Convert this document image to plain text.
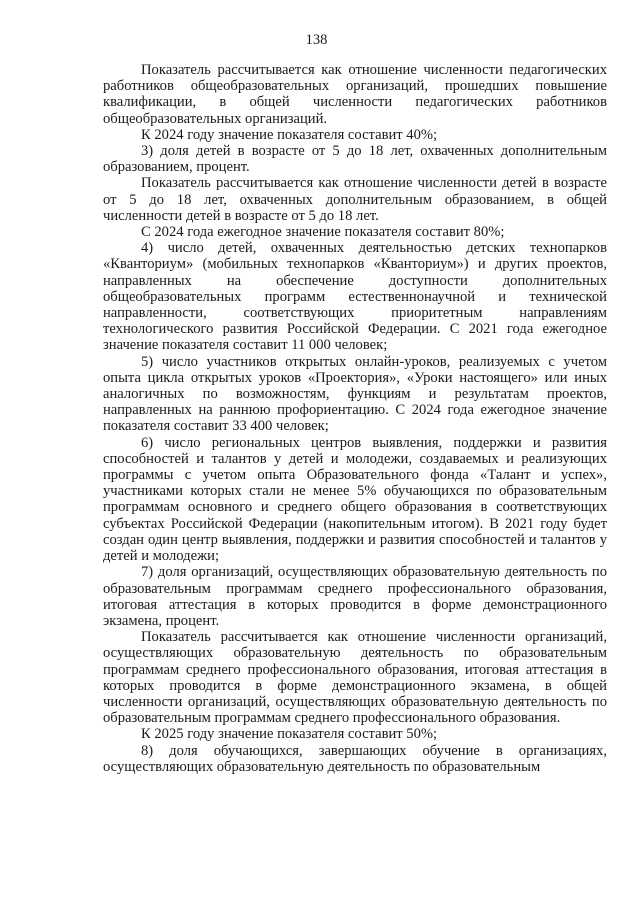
138

Показатель рассчитывается как отношение численности педагогических работников общеобразовательных организаций, прошедших повышение квалификации, в общей численности педагогических работников общеобразовательных организаций.

К 2024 году значение показателя составит 40%;

3) доля детей в возрасте от 5 до 18 лет, охваченных дополнительным образованием, процент.

Показатель рассчитывается как отношение численности детей в возрасте от 5 до 18 лет, охваченных дополнительным образованием, в общей численности детей в возрасте от 5 до 18 лет.

С 2024 года ежегодное значение показателя составит 80%;

4) число детей, охваченных деятельностью детских технопарков «Кванториум» (мобильных технопарков «Кванториум») и других проектов, направленных на обеспечение доступности дополнительных общеобразовательных программ естественнонаучной и технической направленности, соответствующих приоритетным направлениям технологического развития Российской Федерации. С 2021 года ежегодное значение показателя составит 11 000 человек;

5) число участников открытых онлайн-уроков, реализуемых с учетом опыта цикла открытых уроков «Проектория», «Уроки настоящего» или иных аналогичных по возможностям, функциям и результатам проектов, направленных на раннюю профориентацию. С 2024 года ежегодное значение показателя составит 33 400 человек;

6) число региональных центров выявления, поддержки и развития способностей и талантов у детей и молодежи, создаваемых и реализующих программы с учетом опыта Образовательного фонда «Талант и успех», участниками которых стали не менее 5% обучающихся по образовательным программам основного и среднего общего образования в соответствующих субъектах Российской Федерации (накопительным итогом). В 2021 году будет создан один центр выявления, поддержки и развития способностей и талантов у детей и молодежи;

7) доля организаций, осуществляющих образовательную деятельность по образовательным программам среднего профессионального образования, итоговая аттестация в которых проводится в форме демонстрационного экзамена, процент.

Показатель рассчитывается как отношение численности организаций, осуществляющих образовательную деятельность по образовательным программам среднего профессионального образования, итоговая аттестация в которых проводится в форме демонстрационного экзамена, в общей численности организаций, осуществляющих образовательную деятельность по образовательным программам среднего профессионального образования.

К 2025 году значение показателя составит 50%;

8) доля обучающихся, завершающих обучение в организациях, осуществляющих образовательную деятельность по образовательным
